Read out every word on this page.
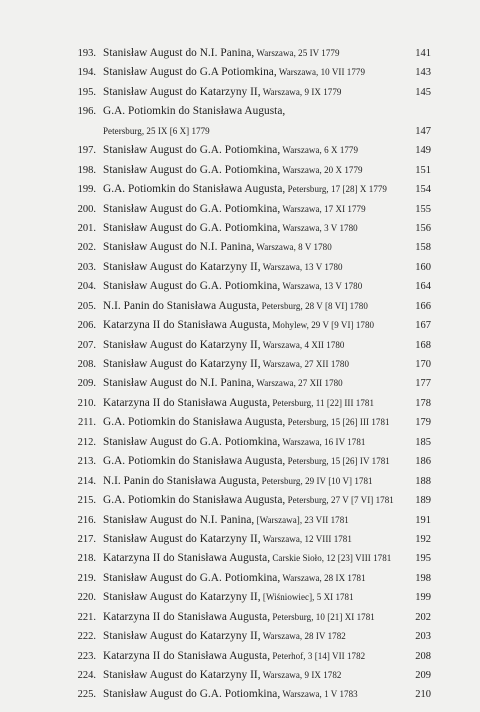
193. Stanisław August do N.I. Panina, Warszawa, 25 IV 1779	141
194. Stanisław August do G.A Potiomkina, Warszawa, 10 VII 1779	143
195. Stanisław August do Katarzyny II, Warszawa, 9 IX 1779	145
196. G.A. Potiomkin do Stanisława Augusta,
Petersburg, 25 IX [6 X] 1779	147
197. Stanisław August do G.A. Potiomkina, Warszawa, 6 X 1779	149
198. Stanisław August do G.A. Potiomkina, Warszawa, 20 X 1779	151
199. G.A. Potiomkin do Stanisława Augusta, Petersburg, 17 [28] X 1779	154
200. Stanisław August do G.A. Potiomkina, Warszawa, 17 XI 1779	155
201. Stanisław August do G.A. Potiomkina, Warszawa, 3 V 1780	156
202. Stanisław August do N.I. Panina, Warszawa, 8 V 1780	158
203. Stanisław August do Katarzyny II, Warszawa, 13 V 1780	160
204. Stanisław August do G.A. Potiomkina, Warszawa, 13 V 1780	164
205. N.I. Panin do Stanisława Augusta, Petersburg, 28 V [8 VI] 1780	166
206. Katarzyna II do Stanisława Augusta, Mohylew, 29 V [9 VI] 1780	167
207. Stanisław August do Katarzyny II, Warszawa, 4 XII 1780	168
208. Stanisław August do Katarzyny II, Warszawa, 27 XII 1780	170
209. Stanisław August do N.I. Panina, Warszawa, 27 XII 1780	177
210. Katarzyna II do Stanisława Augusta, Petersburg, 11 [22] III 1781	178
211. G.A. Potiomkin do Stanisława Augusta, Petersburg, 15 [26] III 1781 179
212. Stanisław August do G.A. Potiomkina, Warszawa, 16 IV 1781	185
213. G.A. Potiomkin do Stanisława Augusta, Petersburg, 15 [26] IV 1781 186
214. N.I. Panin do Stanisława Augusta, Petersburg, 29 IV [10 V] 1781	188
215. G.A. Potiomkin do Stanisława Augusta, Petersburg, 27 V [7 VI] 1781 189
216. Stanisław August do N.I. Panina, [Warszawa], 23 VII 1781	191
217. Stanisław August do Katarzyny II, Warszawa, 12 VIII 1781	192
218. Katarzyna II do Stanisława Augusta, Carskie Sioło, 12 [23] VIII 1781 195
219. Stanisław August do G.A. Potiomkina, Warszawa, 28 IX 1781	198
220. Stanisław August do Katarzyny II, [Wiśniowiec], 5 XI 1781	199
221. Katarzyna II do Stanisława Augusta, Petersburg, 10 [21] XI 1781	202
222. Stanisław August do Katarzyny II, Warszawa, 28 IV 1782	203
223. Katarzyna II do Stanisława Augusta, Peterhof, 3 [14] VII 1782	208
224. Stanisław August do Katarzyny II, Warszawa, 9 IX 1782	209
225. Stanisław August do G.A. Potiomkina, Warszawa, 1 V 1783	210
